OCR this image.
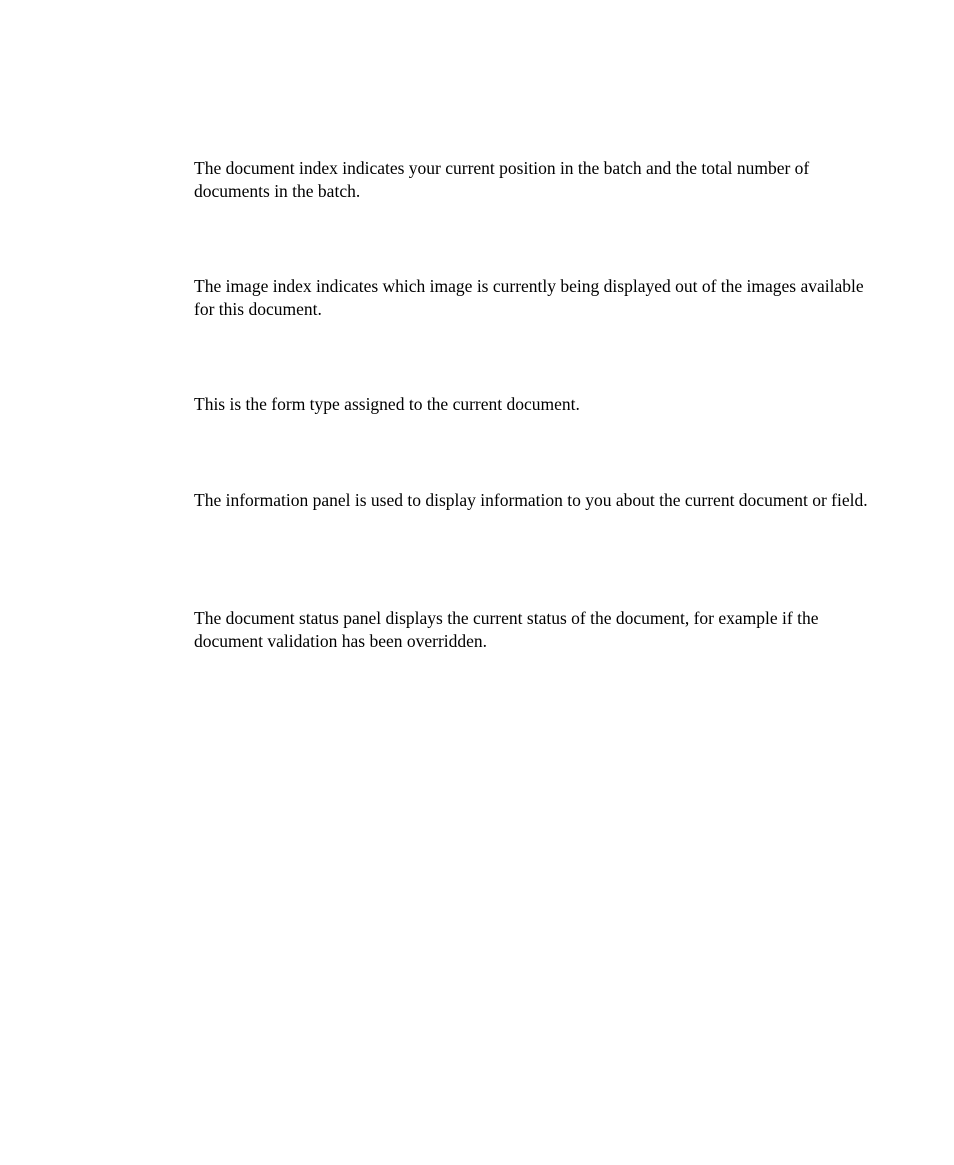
The document index indicates your current position in the batch and the total number of documents in the batch.

The image index indicates which image is currently being displayed out of the images available for this document.

This is the form type assigned to the current document.

The information panel is used to display information to you about the current document or field.

The document status panel displays the current status of the document, for example if the document validation has been overridden.
